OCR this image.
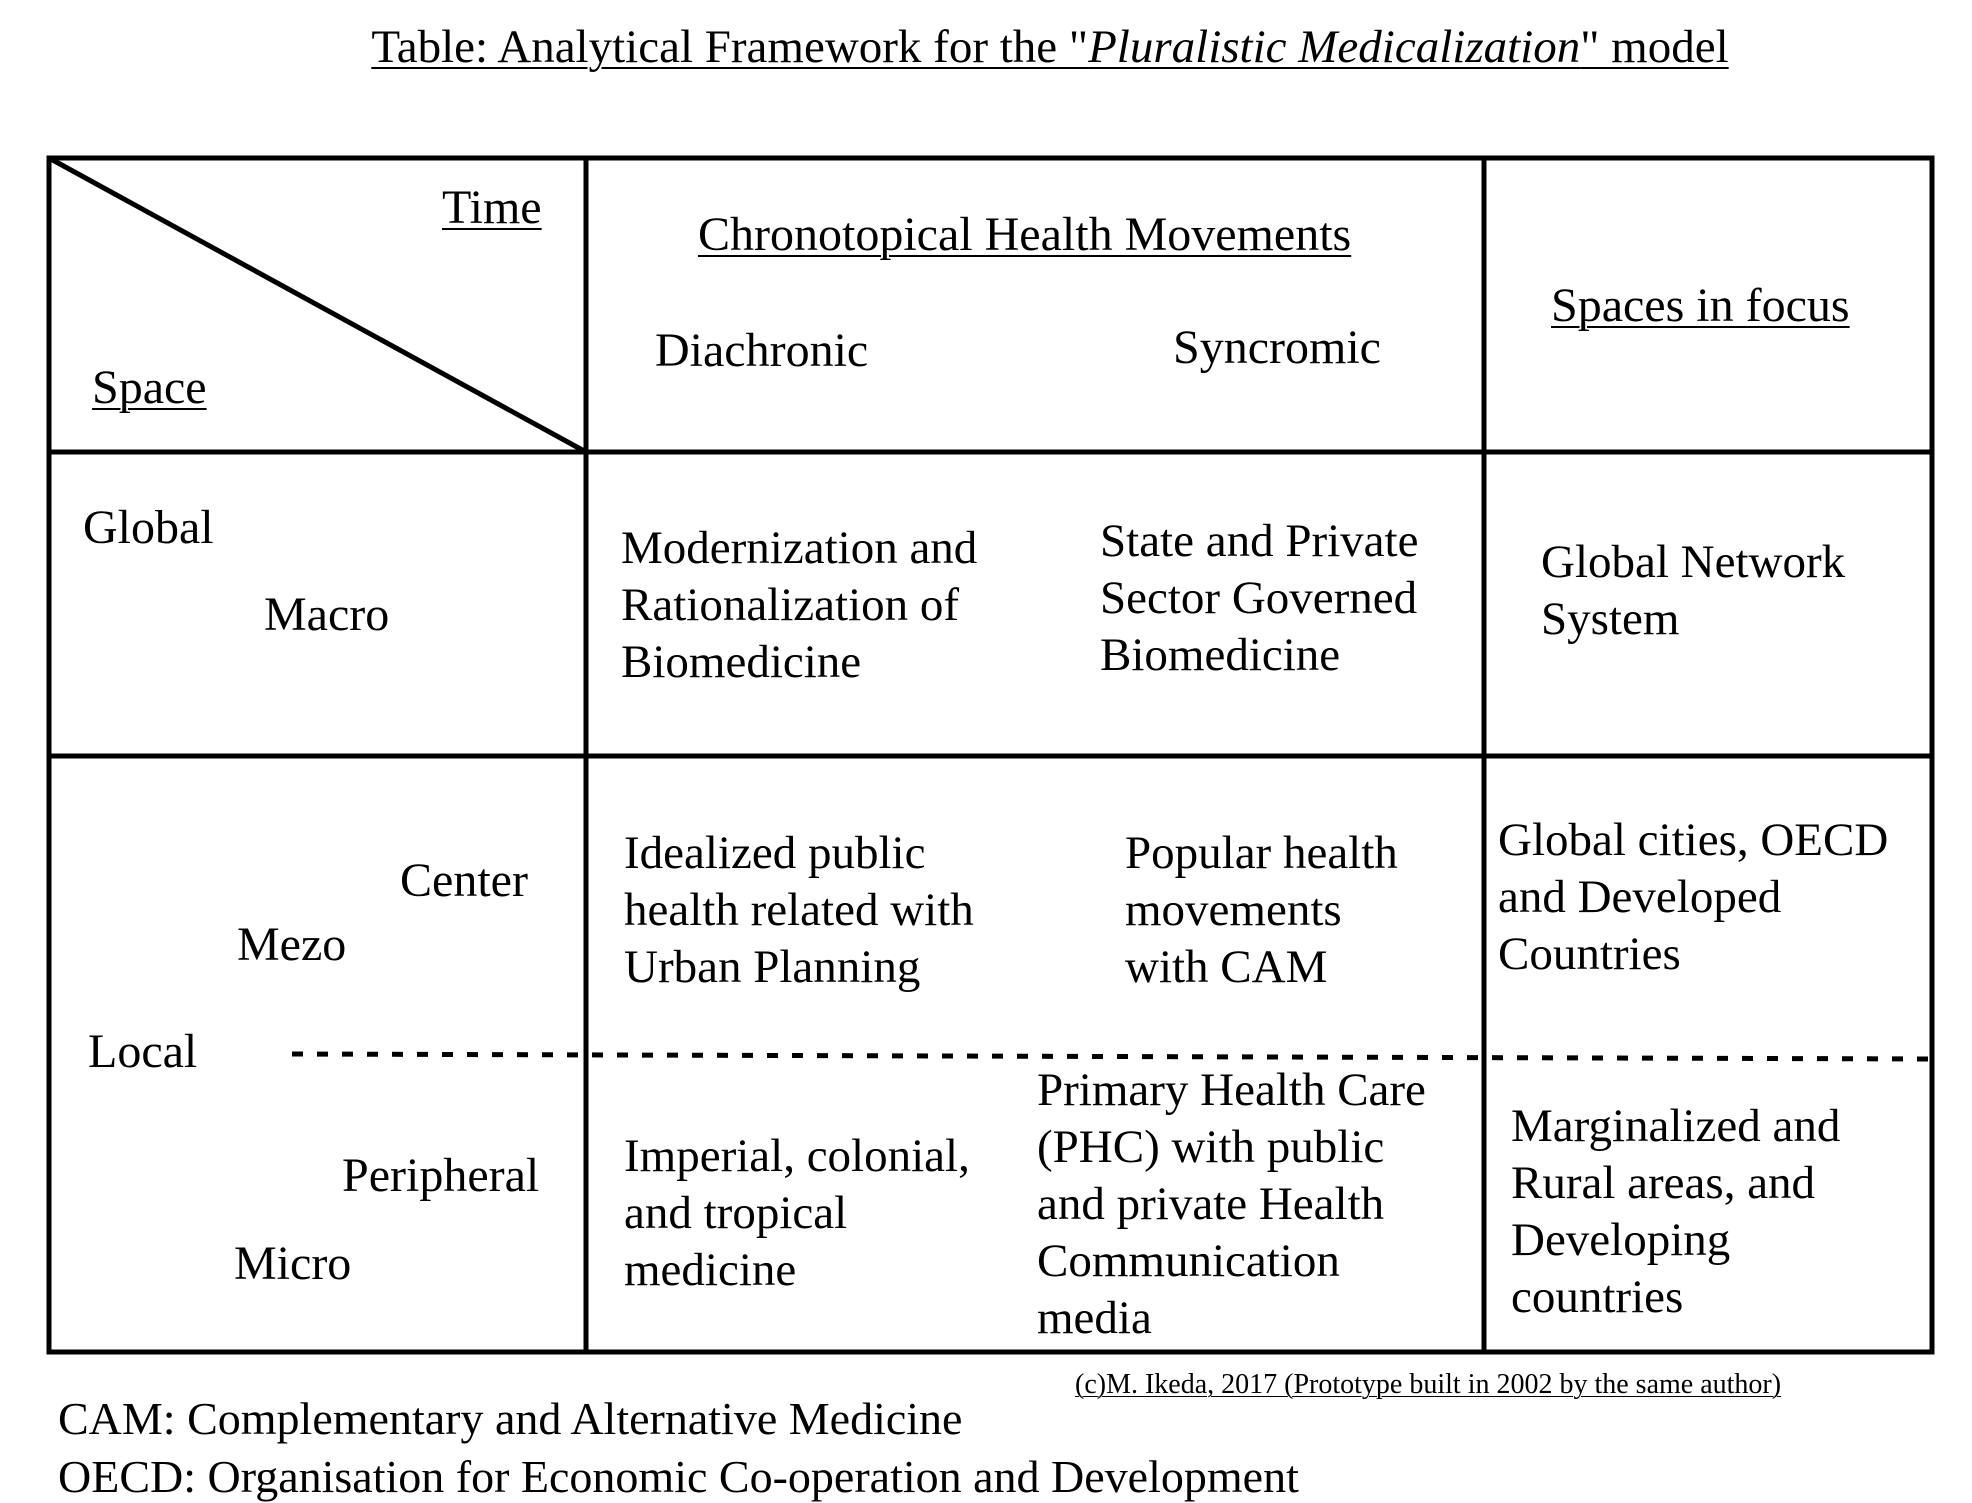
Table: Analytical Framework for the "Pluralistic Medicalization" model
Time
Space
Chronotopical Health Movements
Diachronic	Syncromic
Spaces in focus
Global
Macro
Center
Mezo
Local
Peripheral
Micro
Modernization and
Rationalization of
Biomedicine
State and Private
Sector Governed
Biomedicine
Global Network
System
Idealized public
health related with
Urban Planning
Popular health
movements
with CAM
Global cities, OECD
and Developed
Countries
Imperial, colonial,
and tropical
medicine
Primary Health Care
(PHC) with public
and private Health
Communication
media
Marginalized and
Rural areas, and
Developing
countries
(c)M. Ikeda, 2017 (Prototype built in 2002 by the same author)
CAM: Complementary and Alternative Medicine
OECD: Organisation for Economic Co-operation and Development
